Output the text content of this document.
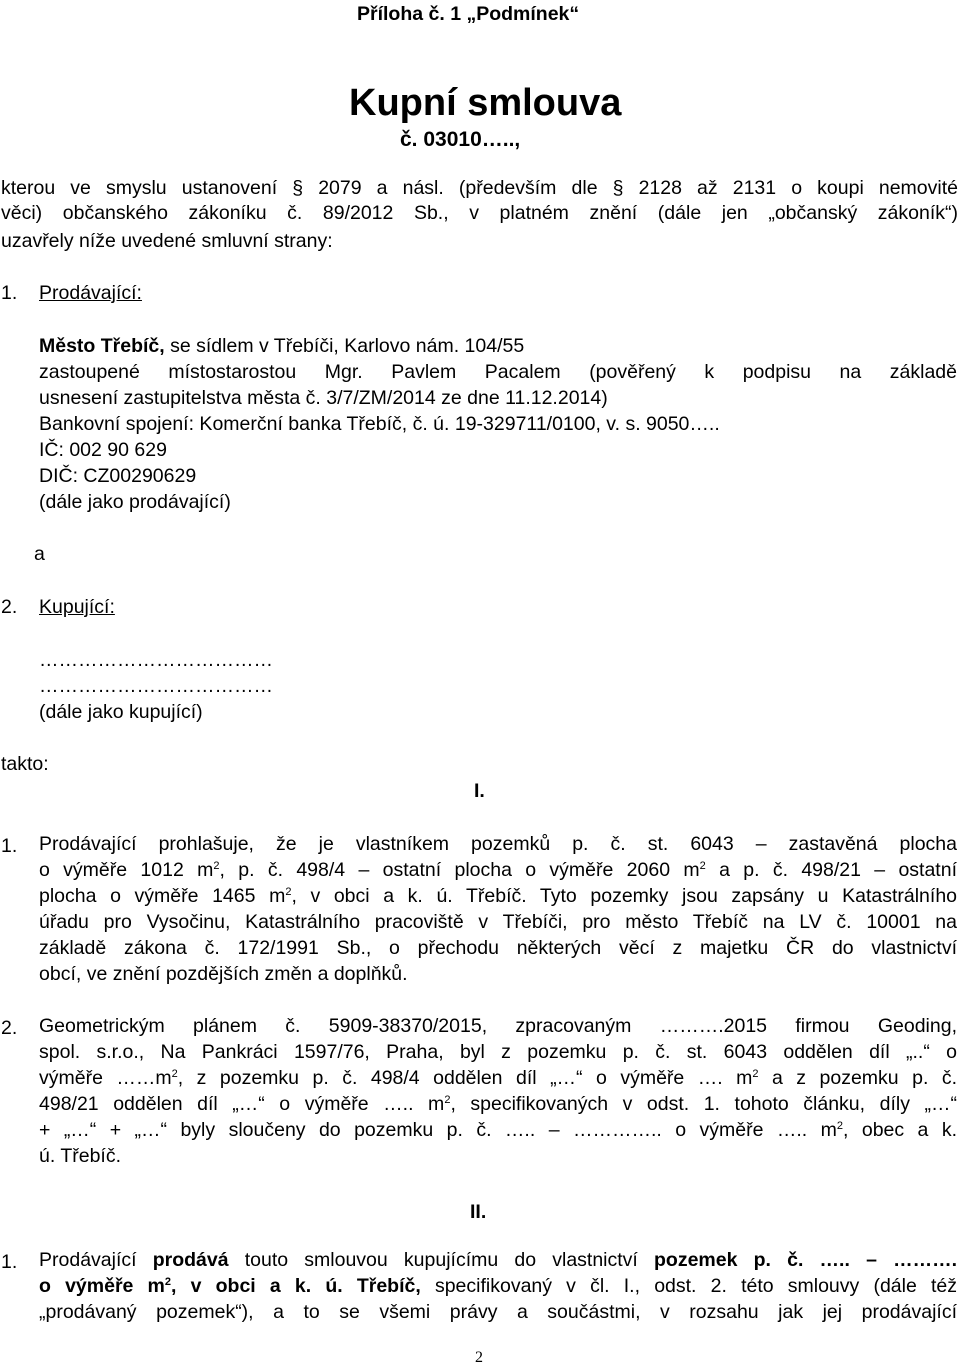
Příloha č. 1 „Podmínek“
Kupní smlouva
č. 03010…..,
kterou ve smyslu ustanovení § 2079 a násl. (především dle § 2128 až 2131 o koupi nemovité
věci) občanského zákoníku č. 89/2012 Sb., v platném znění (dále jen „občanský zákoník“)
uzavřely níže uvedené smluvní strany:
1. Prodávající:
Město Třebíč, se sídlem v Třebíči, Karlovo nám. 104/55
zastoupené místostarostou Mgr. Pavlem Pacalem (pověřený k podpisu na základě
usnesení zastupitelstva města č. 3/7/ZM/2014 ze dne 11.12.2014)
Bankovní spojení: Komerční banka Třebíč, č. ú. 19-329711/0100, v. s. 9050…..
IČ: 002 90 629
DIČ: CZ00290629
(dále jako prodávající)
a
2. Kupující:
………………………………
………………………………
(dále jako kupující)
takto:
I.
1. Prodávající prohlašuje, že je vlastníkem pozemků p. č. st. 6043 – zastavěná plocha
o výměře 1012 $m^2$, p. č. 498/4 – ostatní plocha o výměře 2060 $m^2$ a p. č. 498/21 – ostatní
plocha o výměře 1465 $m^2$, v obci a k. ú. Třebíč. Tyto pozemky jsou zapsány u Katastrálního
úřadu pro Vysočinu, Katastrálního pracoviště v Třebíči, pro město Třebíč na LV č. 10001 na
základě zákona č. 172/1991 Sb., o přechodu některých věcí z majetku ČR do vlastnictví
obcí, ve znění pozdějších změn a doplňků.
2. Geometrickým plánem č. 5909-38370/2015, zpracovaným ……….2015 firmou Geoding,
spol. s.r.o., Na Pankráci 1597/76, Praha, byl z pozemku p. č. st. 6043 oddělen díl „..“ o
výměře $\dots\dots m^2$, z pozemku p. č. 498/4 oddělen díl „…“ o výměře …. $m^2$ a z pozemku p. č.
498/21 oddělen díl „…“ o výměře ….. $m^2$, specifikovaných v odst. 1. tohoto článku, díly „…“
+ „…“ + „…“ byly sloučeny do pozemku p. č. ….. – ………….. o výměře ….. $m^2$, obec a k.
ú. Třebíč.
II.
1. Prodávající prodává touto smlouvou kupujícímu do vlastnictví pozemek p. č. ….. – ……….
o výměře $m^2$, v obci a k. ú. Třebíč, specifikovaný v čl. I., odst. 2. této smlouvy (dále též
„prodávaný pozemek“), a to se všemi právy a součástmi, v rozsahu jak jej prodávající
2
